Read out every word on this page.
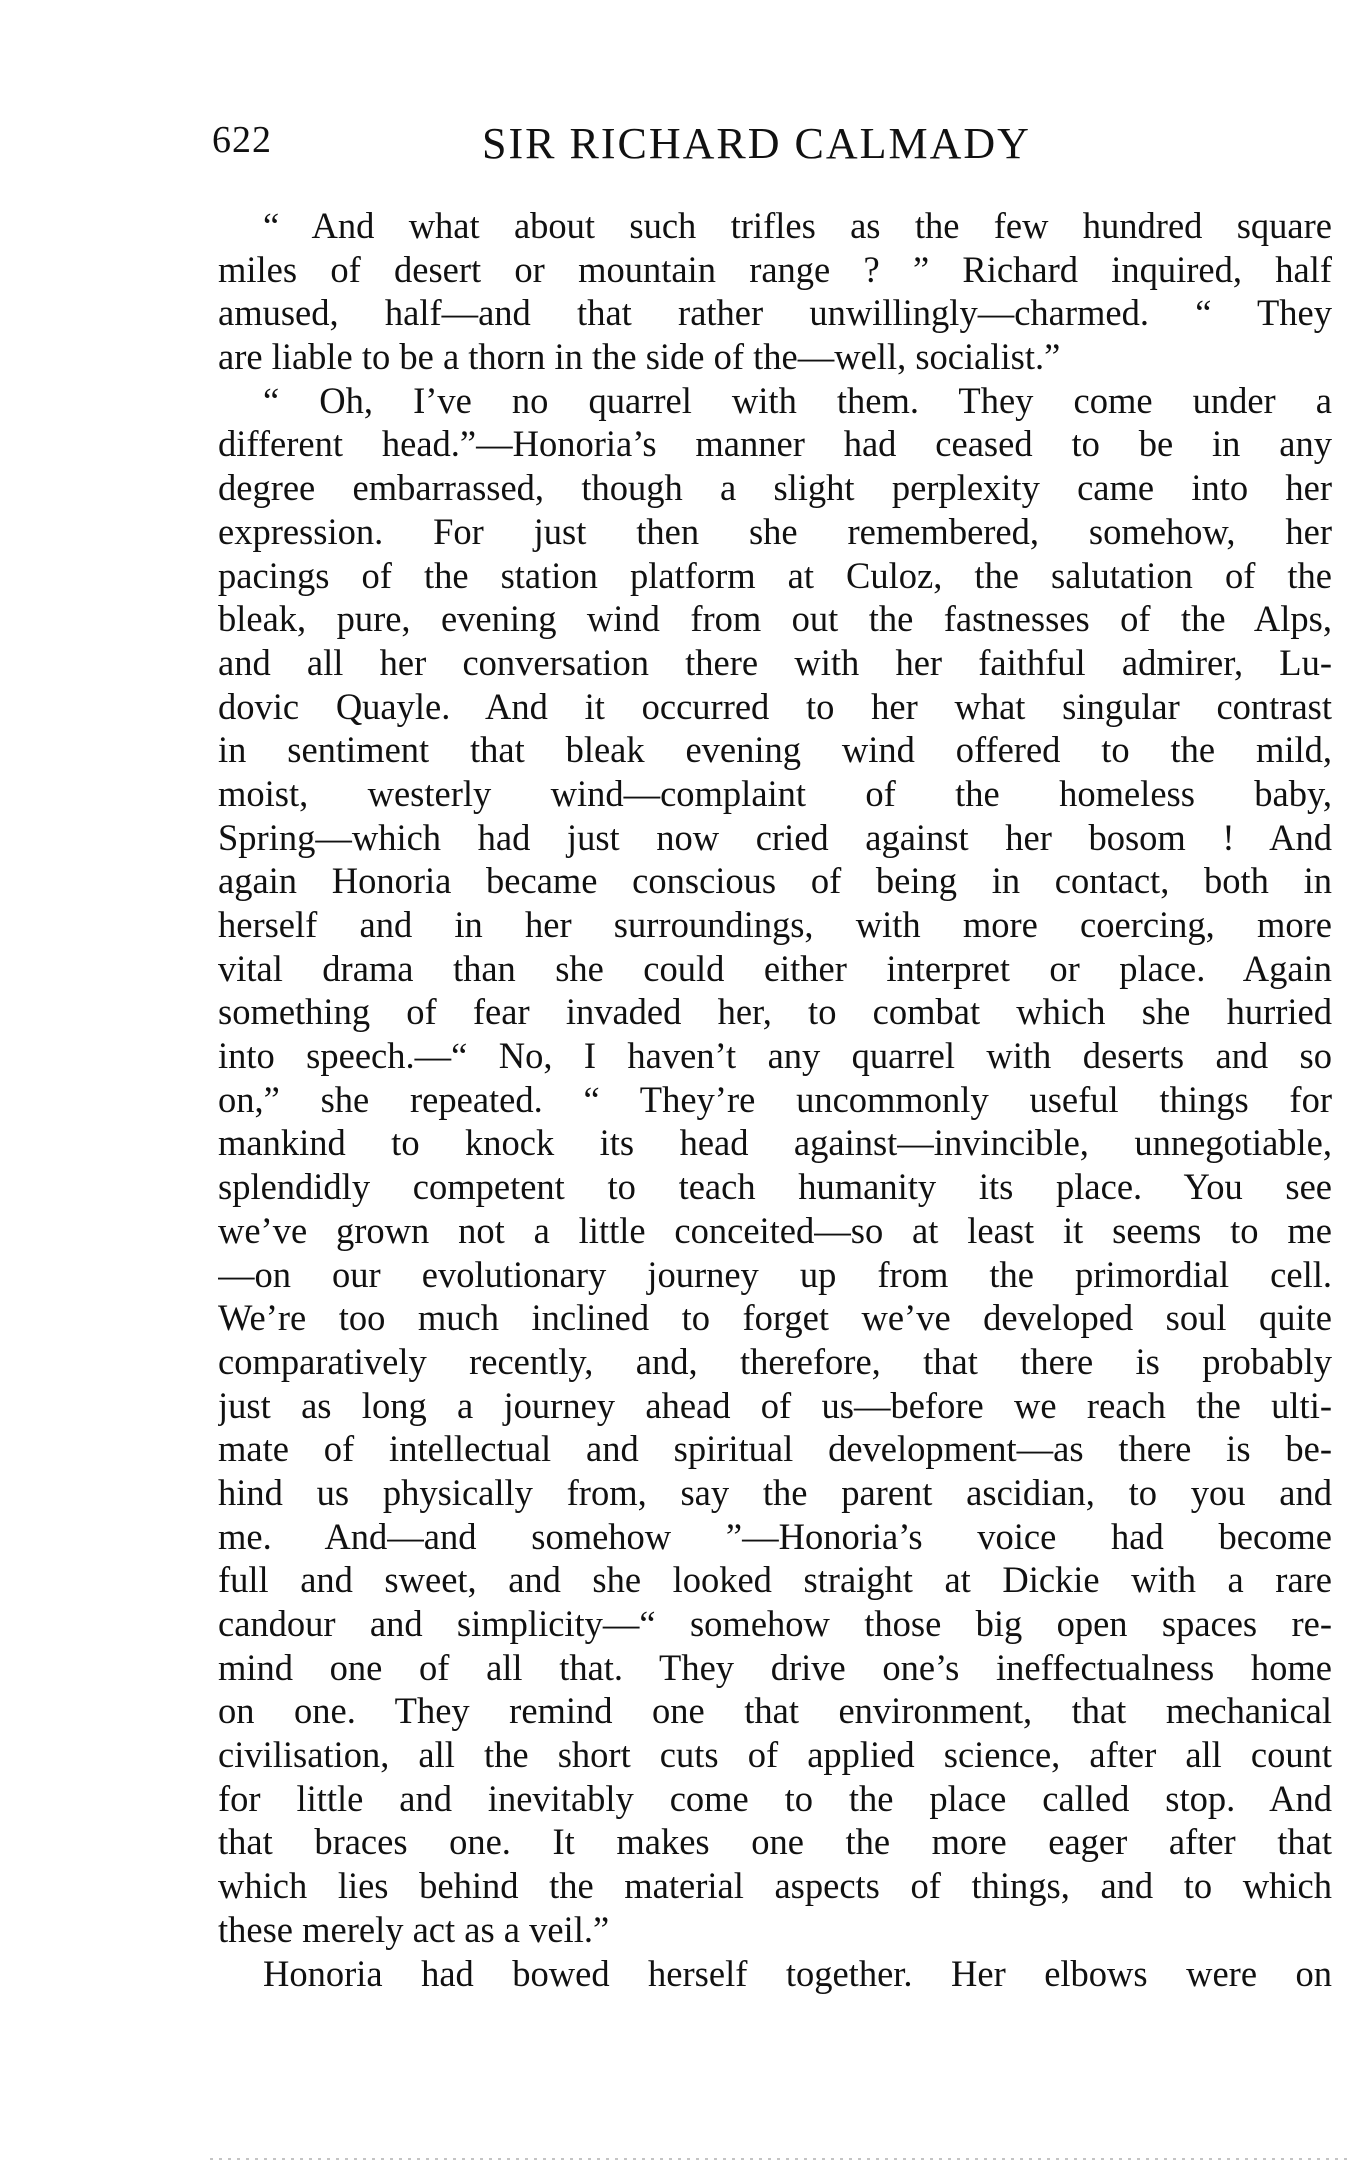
622	SIR RICHARD CALMADY
“ And what about such trifles as the few hundred square
miles of desert or mountain range ? ” Richard inquired, half
amused, half—and that rather unwillingly—charmed. “ They
are liable to be a thorn in the side of the—well, socialist.”
“ Oh, I’ve no quarrel with them. They come under a
different head.”—Honoria’s manner had ceased to be in any
degree embarrassed, though a slight perplexity came into her
expression. For just then she remembered, somehow, her
pacings of the station platform at Culoz, the salutation of the
bleak, pure, evening wind from out the fastnesses of the Alps,
and all her conversation there with her faithful admirer, Lu-
dovic Quayle. And it occurred to her what singular contrast
in sentiment that bleak evening wind offered to the mild,
moist, westerly wind—complaint of the homeless baby,
Spring—which had just now cried against her bosom ! And
again Honoria became conscious of being in contact, both in
herself and in her surroundings, with more coercing, more
vital drama than she could either interpret or place. Again
something of fear invaded her, to combat which she hurried
into speech.—“ No, I haven’t any quarrel with deserts and so
on,” she repeated. “ They’re uncommonly useful things for
mankind to knock its head against—invincible, unnegotiable,
splendidly competent to teach humanity its place. You see
we’ve grown not a little conceited—so at least it seems to me
—on our evolutionary journey up from the primordial cell.
We’re too much inclined to forget we’ve developed soul quite
comparatively recently, and, therefore, that there is probably
just as long a journey ahead of us—before we reach the ulti-
mate of intellectual and spiritual development—as there is be-
hind us physically from, say the parent ascidian, to you and
me. And—and somehow ”—Honoria’s voice had become
full and sweet, and she looked straight at Dickie with a rare
candour and simplicity—“ somehow those big open spaces re-
mind one of all that. They drive one’s ineffectualness home
on one. They remind one that environment, that mechanical
civilisation, all the short cuts of applied science, after all count
for little and inevitably come to the place called stop. And
that braces one. It makes one the more eager after that
which lies behind the material aspects of things, and to which
these merely act as a veil.”
Honoria had bowed herself together. Her elbows were on
